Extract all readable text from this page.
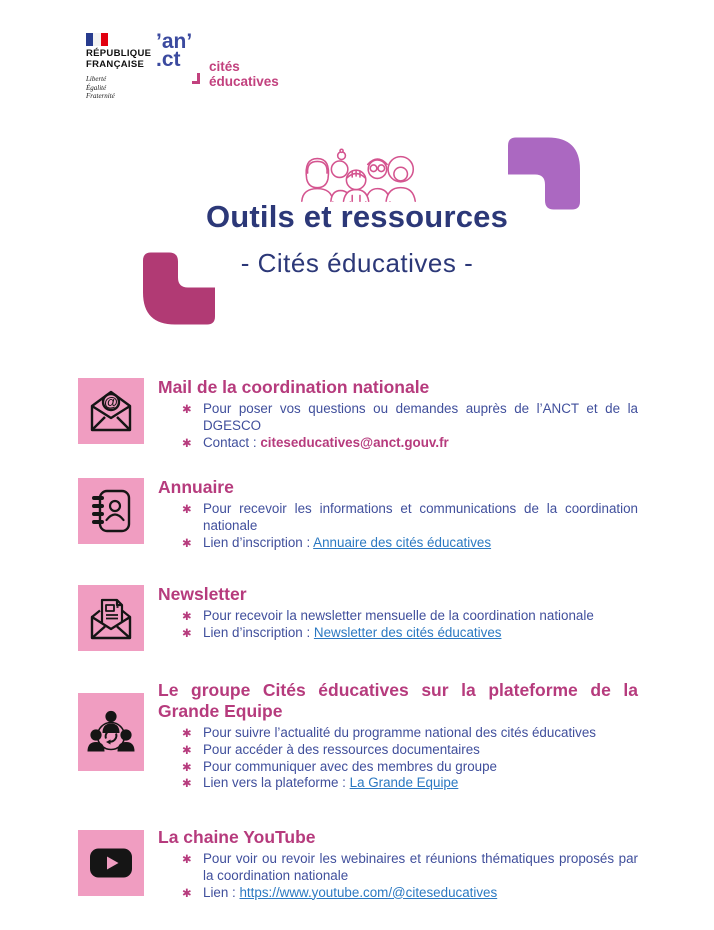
RÉPUBLIQUE
FRANÇAISE
Liberté
Égalité
Fraternité
’an’
.ct	cités
éducatives
Outils et ressources
- Cités éducatives -
@
Mail de la coordination nationale
✱ Pour poser vos questions ou demandes auprès de l’ANCT et de la DGESCO
✱ Contact : citeseducatives@anct.gouv.fr
Annuaire
✱ Pour recevoir les informations et communications de la coordination nationale
✱ Lien d’inscription : Annuaire des cités éducatives
Newsletter
✱ Pour recevoir la newsletter mensuelle de la coordination nationale
✱ Lien d’inscription : Newsletter des cités éducatives
Le groupe Cités éducatives sur la plateforme de la Grande Equipe
✱ Pour suivre l’actualité du programme national des cités éducatives
✱ Pour accéder à des ressources documentaires
✱ Pour communiquer avec des membres du groupe
✱ Lien vers la plateforme : La Grande Equipe
La chaine YouTube
✱ Pour voir ou revoir les webinaires et réunions thématiques proposés par la coordination nationale
✱ Lien : https://www.youtube.com/@citeseducatives
